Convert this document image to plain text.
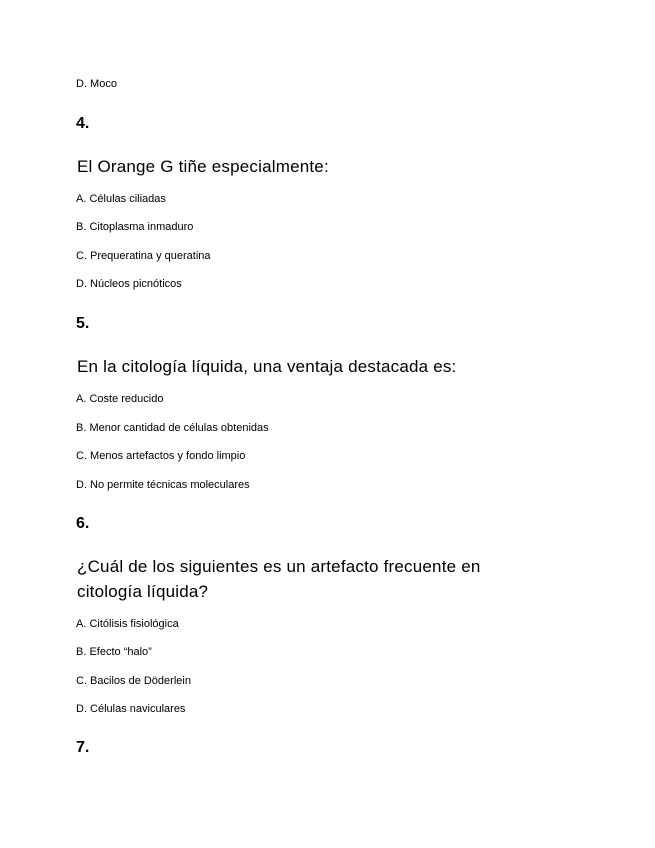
D. Moco
4.
El Orange G tiñe especialmente:
A. Células ciliadas
B. Citoplasma inmaduro
C. Prequeratina y queratina
D. Núcleos picnóticos
5.
En la citología líquida, una ventaja destacada es:
A. Coste reducido
B. Menor cantidad de células obtenidas
C. Menos artefactos y fondo limpio
D. No permite técnicas moleculares
6.
¿Cuál de los siguientes es un artefacto frecuente en citología líquida?
A. Citólisis fisiológica
B. Efecto “halo”
C. Bacilos de Döderlein
D. Células naviculares
7.
